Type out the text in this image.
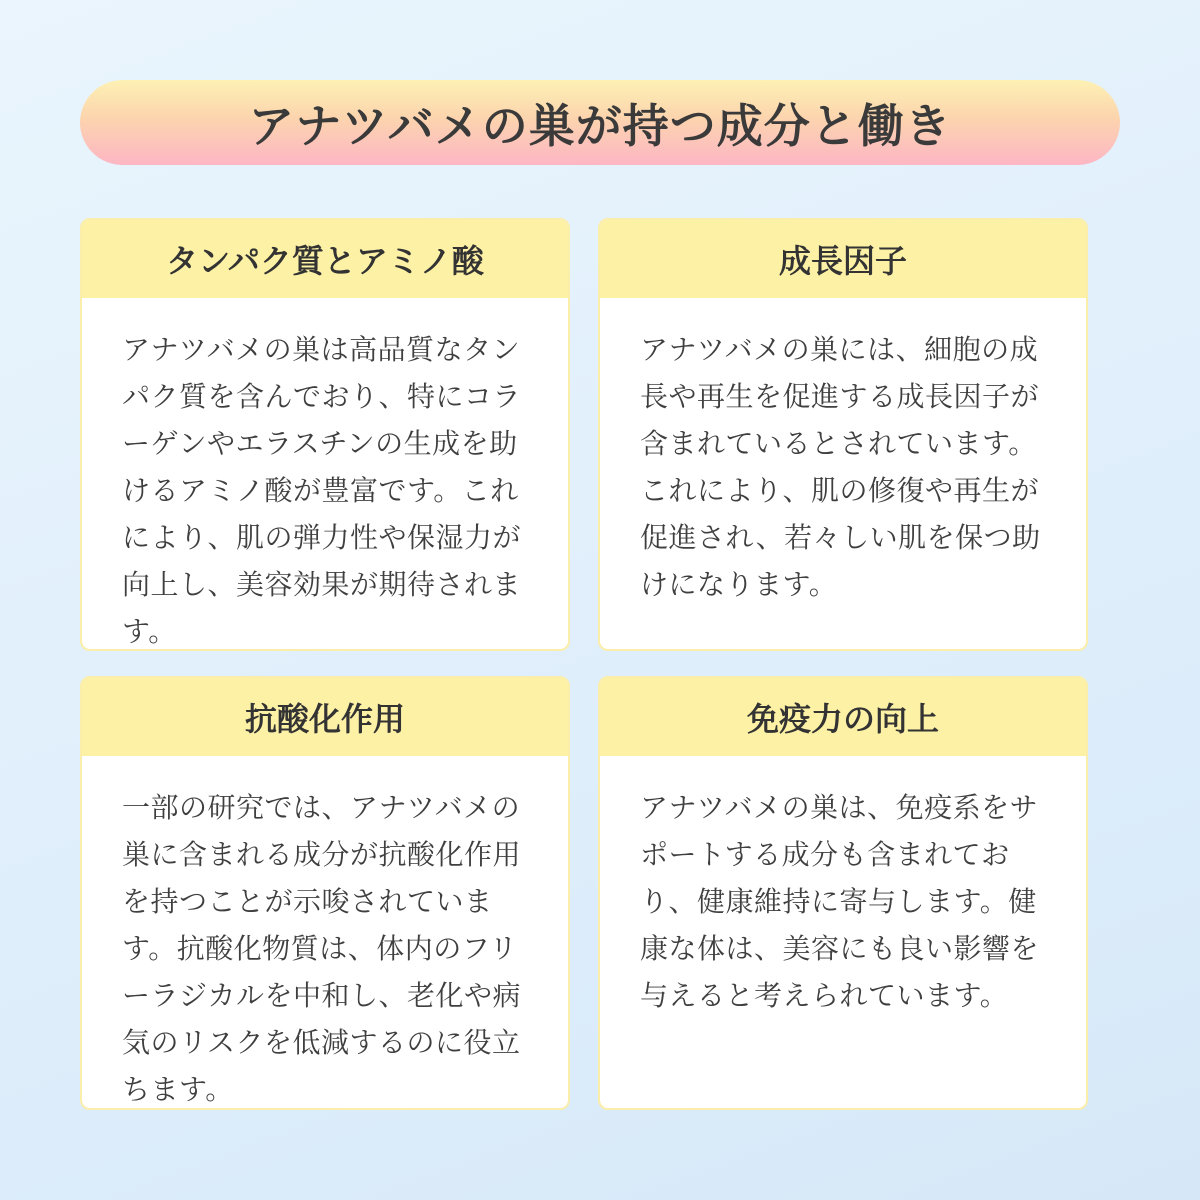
アナツバメの巣が持つ成分と働き
タンパク質とアミノ酸

アナツバメの巣は高品質なタンパク質を含んでおり、特にコラーゲンやエラスチンの生成を助けるアミノ酸が豊富です。これにより、肌の弾力性や保湿力が向上し、美容効果が期待されます。

成長因子

アナツバメの巣には、細胞の成長や再生を促進する成長因子が含まれているとされています。これにより、肌の修復や再生が促進され、若々しい肌を保つ助けになります。

抗酸化作用

一部の研究では、アナツバメの巣に含まれる成分が抗酸化作用を持つことが示唆されています。抗酸化物質は、体内のフリーラジカルを中和し、老化や病気のリスクを低減するのに役立ちます。

免疫力の向上

アナツバメの巣は、免疫系をサポートする成分も含まれており、健康維持に寄与します。健康な体は、美容にも良い影響を与えると考えられています。
